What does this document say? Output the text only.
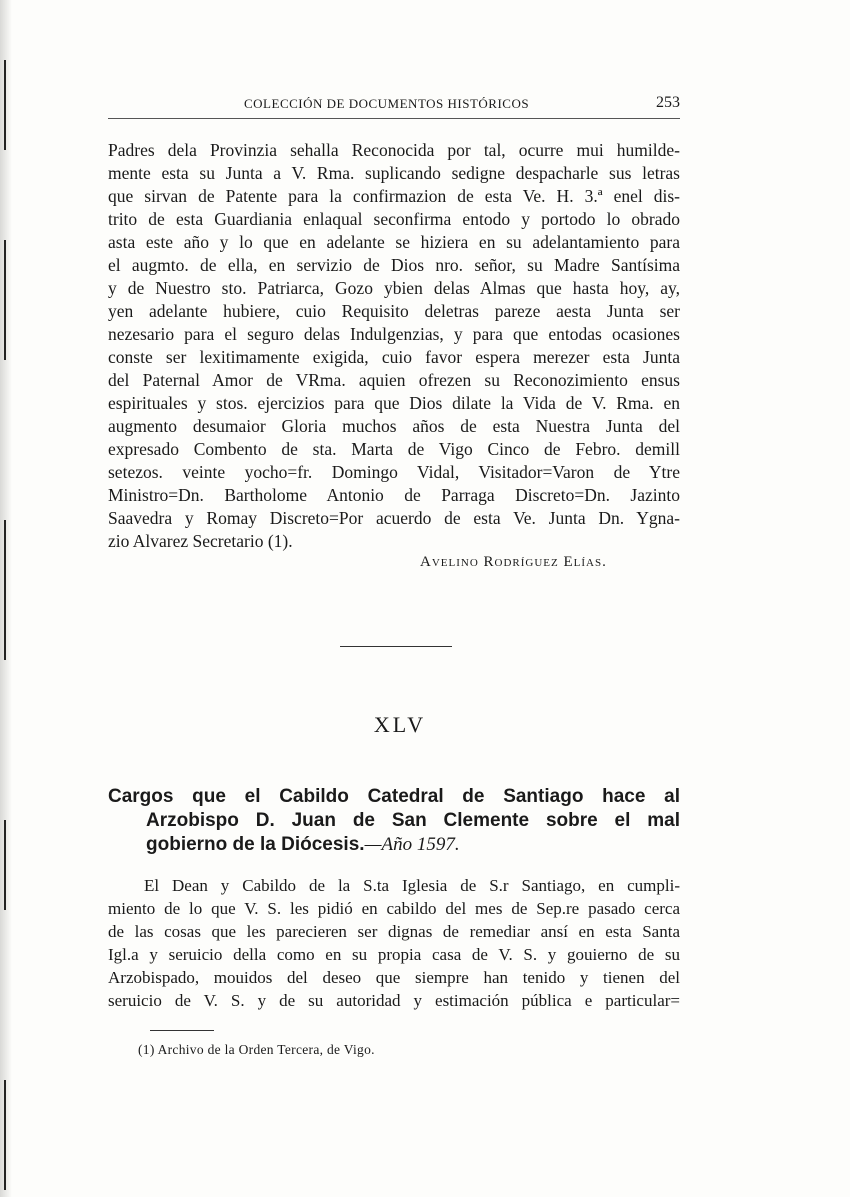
COLECCIÓN DE DOCUMENTOS HISTÓRICOS	253
Padres dela Provinzia sehalla Reconocida por tal, ocurre mui humilde-
mente esta su Junta a V. Rma. suplicando sedigne despacharle sus letras
que sirvan de Patente para la confirmazion de esta Ve. H. 3.ª enel dis-
trito de esta Guardiania enlaqual seconfirma entodo y portodo lo obrado
asta este año y lo que en adelante se hiziera en su adelantamiento para
el augmto. de ella, en servizio de Dios nro. señor, su Madre Santísima
y de Nuestro sto. Patriarca, Gozo ybien delas Almas que hasta hoy, ay,
yen adelante hubiere, cuio Requisito deletras pareze aesta Junta ser
nezesario para el seguro delas Indulgenzias, y para que entodas ocasiones
conste ser lexitimamente exigida, cuio favor espera merezer esta Junta
del Paternal Amor de VRma. aquien ofrezen su Reconozimiento ensus
espirituales y stos. ejercizios para que Dios dilate la Vida de V. Rma. en
augmento desumaior Gloria muchos años de esta Nuestra Junta del
expresado Combento de sta. Marta de Vigo Cinco de Febro. demill
setezos. veinte yocho=fr. Domingo Vidal, Visitador=Varon de Ytre
Ministro=Dn. Bartholome Antonio de Parraga Discreto=Dn. Jazinto
Saavedra y Romay Discreto=Por acuerdo de esta Ve. Junta Dn. Ygna-
zio Alvarez Secretario (1).
Avelino Rodríguez Elías.
XLV
Cargos que el Cabildo Catedral de Santiago hace al
Arzobispo D. Juan de San Clemente sobre el mal
gobierno de la Diócesis.—Año 1597.
El Dean y Cabildo de la S.ta Iglesia de S.r Santiago, en cumpli-
miento de lo que V. S. les pidió en cabildo del mes de Sep.re pasado cerca
de las cosas que les parecieren ser dignas de remediar ansí en esta Santa
Igl.a y seruicio della como en su propia casa de V. S. y gouierno de su
Arzobispado, mouidos del deseo que siempre han tenido y tienen del
seruicio de V. S. y de su autoridad y estimación pública e particular=
(1) Archivo de la Orden Tercera, de Vigo.
